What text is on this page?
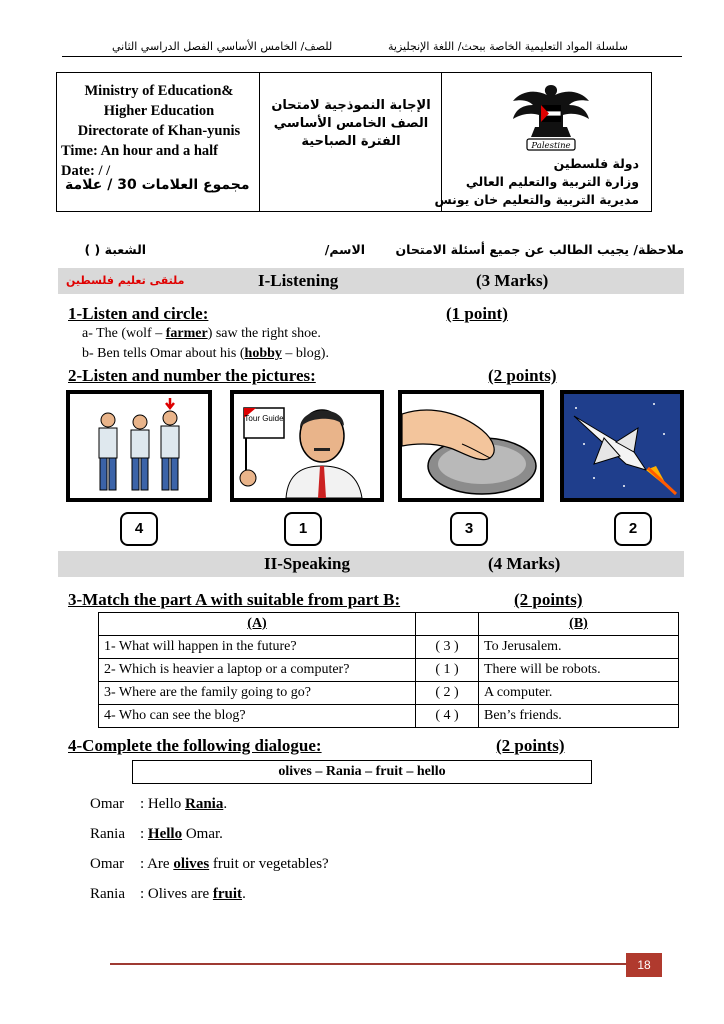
سلسلة المواد التعليمية الخاصة ببحث/ اللغة الإنجليزية
للصف/ الخامس الأساسي الفصل الدراسي الثاني
Ministry of Education&
Higher Education
Directorate of Khan-yunis
Time: An hour and a half
Date: / /
مجموع العلامات 30 / علامة
الإجابة النموذجية لامتحان
الصف الخامس الأساسي
الفترة الصباحية	Palestine
دولة فلسطين
وزارة التربية والتعليم العالي
مديرية التربية والتعليم خان يونس
ملاحظة/ يجيب الطالب عن جميع أسئلة الامتحان       الاسم/  الشعبة ( )
ملتقى تعليم فلسطين	I-Listening	(3 Marks)
1-Listen and circle:	(1 point)
a- The (wolf – farmer) saw the right shoe.
b- Ben tells Omar about his (hobby – blog).
2-Listen and number the pictures:	(2 points)
Tour Guide
4	1	3	2
II-Speaking	(4 Marks)
3-Match the part A with suitable from part B:	(2 points)
(A)		(B)
1- What will happen in the future?	( 3 )	To Jerusalem.
2- Which is heavier a laptop or a computer?	( 1 )	There will be robots.
3- Where are the family going to go?	( 2 )	A computer.
4- Who can see the blog?	( 4 )	Ben’s friends.
4-Complete the following dialogue:	(2 points)
olives – Rania – fruit – hello
Omar : Hello Rania.
Rania : Hello Omar.
Omar : Are olives fruit or vegetables?
Rania : Olives are fruit.
18
